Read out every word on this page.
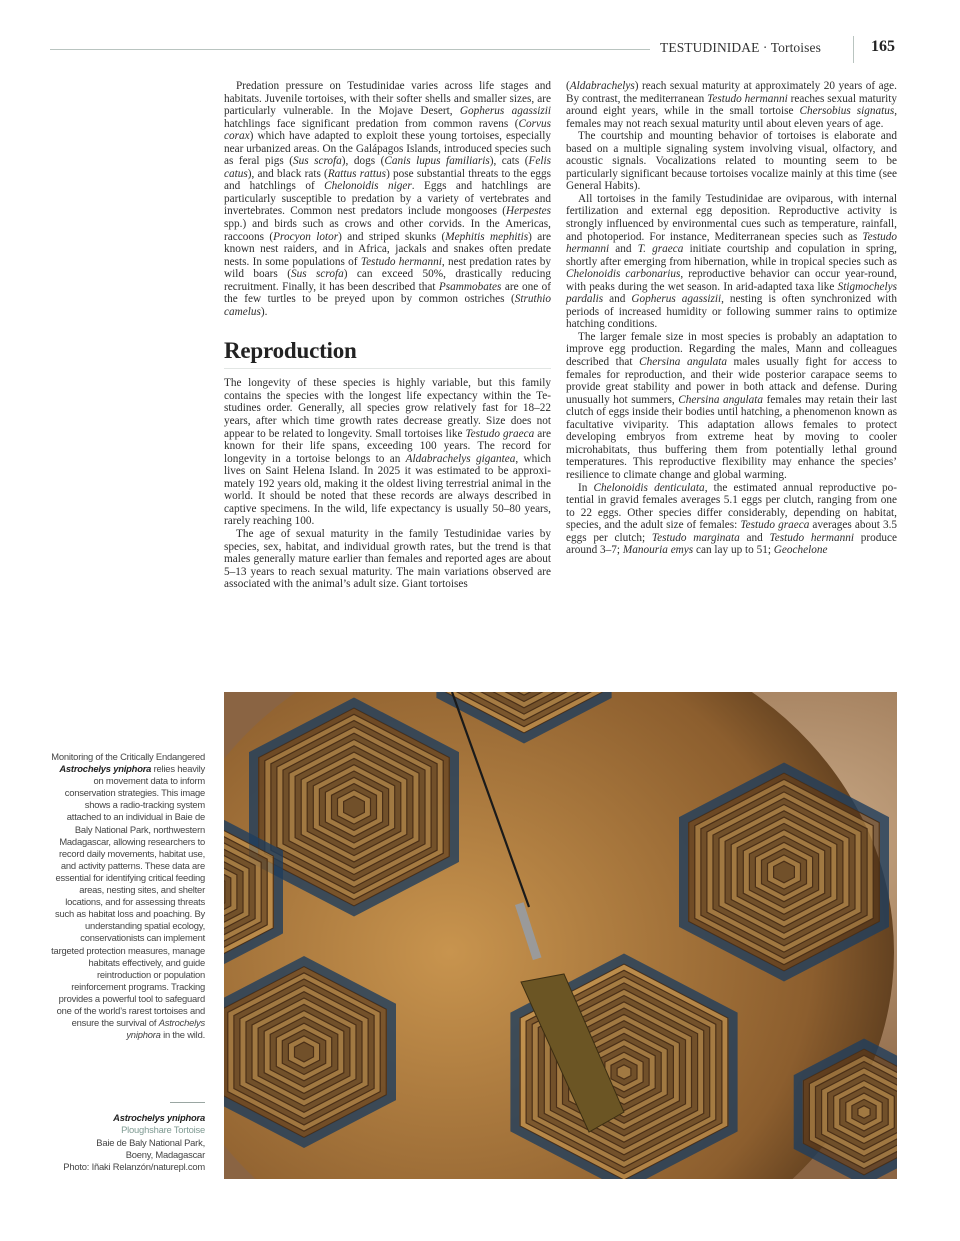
TESTUDINIDAE · Tortoises	165

Predation pressure on Testudinidae varies across life stages and habitats. Juvenile tortoises, with their softer shells and smaller sizes, are particularly vulnerable. In the Mojave Desert, Gopherus agassizii hatchlings face significant predation from common ravens (Corvus corax) which have adapted to exploit these young tortoises, especially near urbanized areas. On the Galápagos Islands, introduced species such as feral pigs (Sus scrofa), dogs (Canis lupus familiaris), cats (Felis catus), and black rats (Rattus rattus) pose substantial threats to the eggs and hatchlings of Chelonoidis niger. Eggs and hatchlings are particularly susceptible to predation by a variety of vertebrates and invertebrates. Common nest predators include mongooses (Herpestes spp.) and birds such as crows and other corvids. In the Americas, raccoons (Procyon lotor) and striped skunks (Mephitis mephitis) are known nest raiders, and in Africa, jackals and snakes often predate nests. In some populations of Testudo hermanni, nest predation rates by wild boars (Sus scrofa) can exceed 50%, drastically reducing recruitment. Finally, it has been described that Psammobates are one of the few turtles to be preyed upon by common ostriches (Struthio camelus).

Reproduction

The longevity of these species is highly variable, but this family contains the species with the longest life expectancy within the Testudines order. Generally, all species grow relatively fast for 18–22 years, after which time growth rates decrease greatly. Size does not appear to be related to longevity. Small tortoises like Testudo graeca are known for their life spans, exceeding 100 years. The record for longevity in a tortoise belongs to an Aldabrachelys gigantea, which lives on Saint Helena Island. In 2025 it was estimated to be approximately 192 years old, making it the oldest living terrestrial animal in the world. It should be noted that these records are always described in captive specimens. In the wild, life expectancy is usually 50–80 years, rarely reaching 100.

The age of sexual maturity in the family Testudinidae varies by species, sex, habitat, and individual growth rates, but the trend is that males generally mature earlier than females and reported ages are about 5–13 years to reach sexual maturity. The main variations observed are associated with the animal’s adult size. Giant tortoises

(Aldabrachelys) reach sexual maturity at approximately 20 years of age. By contrast, the mediterranean Testudo hermanni reaches sexual maturity around eight years, while in the small tortoise Chersobius signatus, females may not reach sexual maturity until about eleven years of age.

The courtship and mounting behavior of tortoises is elaborate and based on a multiple signaling system involving visual, olfactory, and acoustic signals. Vocalizations related to mounting seem to be particularly significant because tortoises vocalize mainly at this time (see General Habits).

All tortoises in the family Testudinidae are oviparous, with internal fertilization and external egg deposition. Reproductive activity is strongly influenced by environmental cues such as temperature, rainfall, and photoperiod. For instance, Mediterranean species such as Testudo hermanni and T. graeca initiate courtship and copulation in spring, shortly after emerging from hibernation, while in tropical species such as Chelonoidis carbonarius, reproductive behavior can occur year-round, with peaks during the wet season. In arid-adapted taxa like Stigmochelys pardalis and Gopherus agassizii, nesting is often synchronized with periods of increased humidity or following summer rains to optimize hatching conditions.

The larger female size in most species is probably an adaptation to improve egg production. Regarding the males, Mann and colleagues described that Chersina angulata males usually fight for access to females for reproduction, and their wide posterior carapace seems to provide great stability and power in both attack and defense. During unusually hot summers, Chersina angulata females may retain their last clutch of eggs inside their bodies until hatching, a phenomenon known as facultative viviparity. This adaptation allows females to protect developing embryos from extreme heat by moving to cooler microhabitats, thus buffering them from potentially lethal ground temperatures. This reproductive flexibility may enhance the species’ resilience to climate change and global warming.

In Chelonoidis denticulata, the estimated annual reproductive potential in gravid females averages 5.1 eggs per clutch, ranging from one to 22 eggs. Other species differ considerably, depending on habitat, species, and the adult size of females: Testudo graeca averages about 3.5 eggs per clutch; Testudo marginata and Testudo hermanni produce around 3–7; Manouria emys can lay up to 51; Geochelone

Monitoring of the Critically Endangered Astrochelys yniphora relies heavily on movement data to inform conservation strategies. This image shows a radio-tracking system attached to an individual in Baie de Baly National Park, northwestern Madagascar, allowing researchers to record daily movements, habitat use, and activity patterns. These data are essential for identifying critical feeding areas, nesting sites, and shelter locations, and for assessing threats such as habitat loss and poaching. By understanding spatial ecology, conservationists can implement targeted protection measures, manage habitats effectively, and guide reintroduction or population reinforcement programs. Tracking provides a powerful tool to safeguard one of the world’s rarest tortoises and ensure the survival of Astrochelys yniphora in the wild.
Astrochelys yniphora
Ploughshare Tortoise
Baie de Baly National Park,
Boeny, Madagascar
Photo: Iñaki Relanzón/naturepl.com
